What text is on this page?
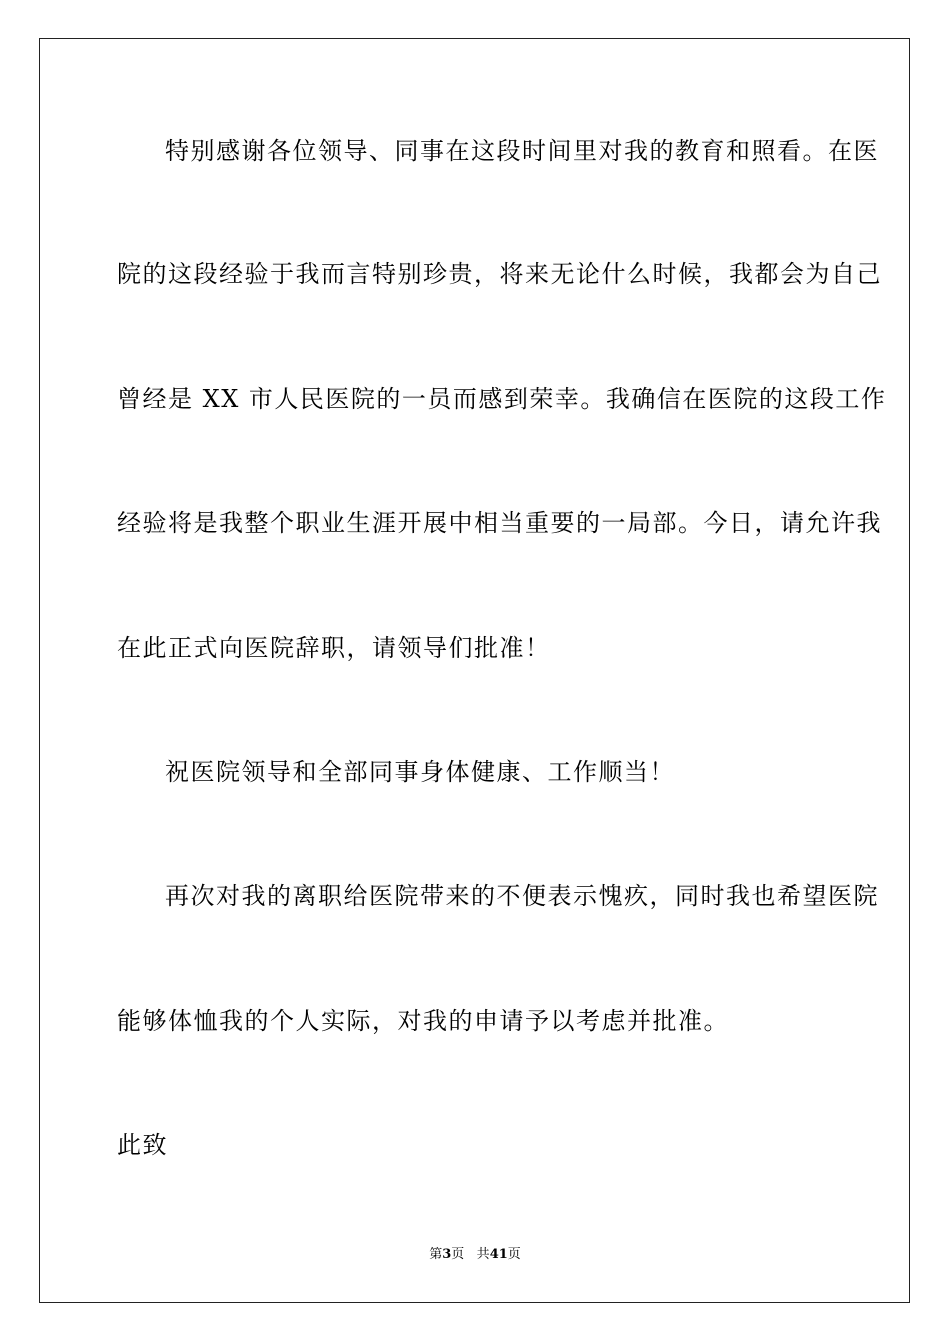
特别感谢各位领导、同事在这段时间里对我的教育和照看。在医
院的这段经验于我而言特别珍贵，将来无论什么时候，我都会为自己
曾经是 XX 市人民医院的一员而感到荣幸。我确信在医院的这段工作
经验将是我整个职业生涯开展中相当重要的一局部。今日，请允许我
在此正式向医院辞职，请领导们批准！
祝医院领导和全部同事身体健康、工作顺当！
再次对我的离职给医院带来的不便表示愧疚，同时我也希望医院
能够体恤我的个人实际，对我的申请予以考虑并批准。
此致
第3页 共41页
